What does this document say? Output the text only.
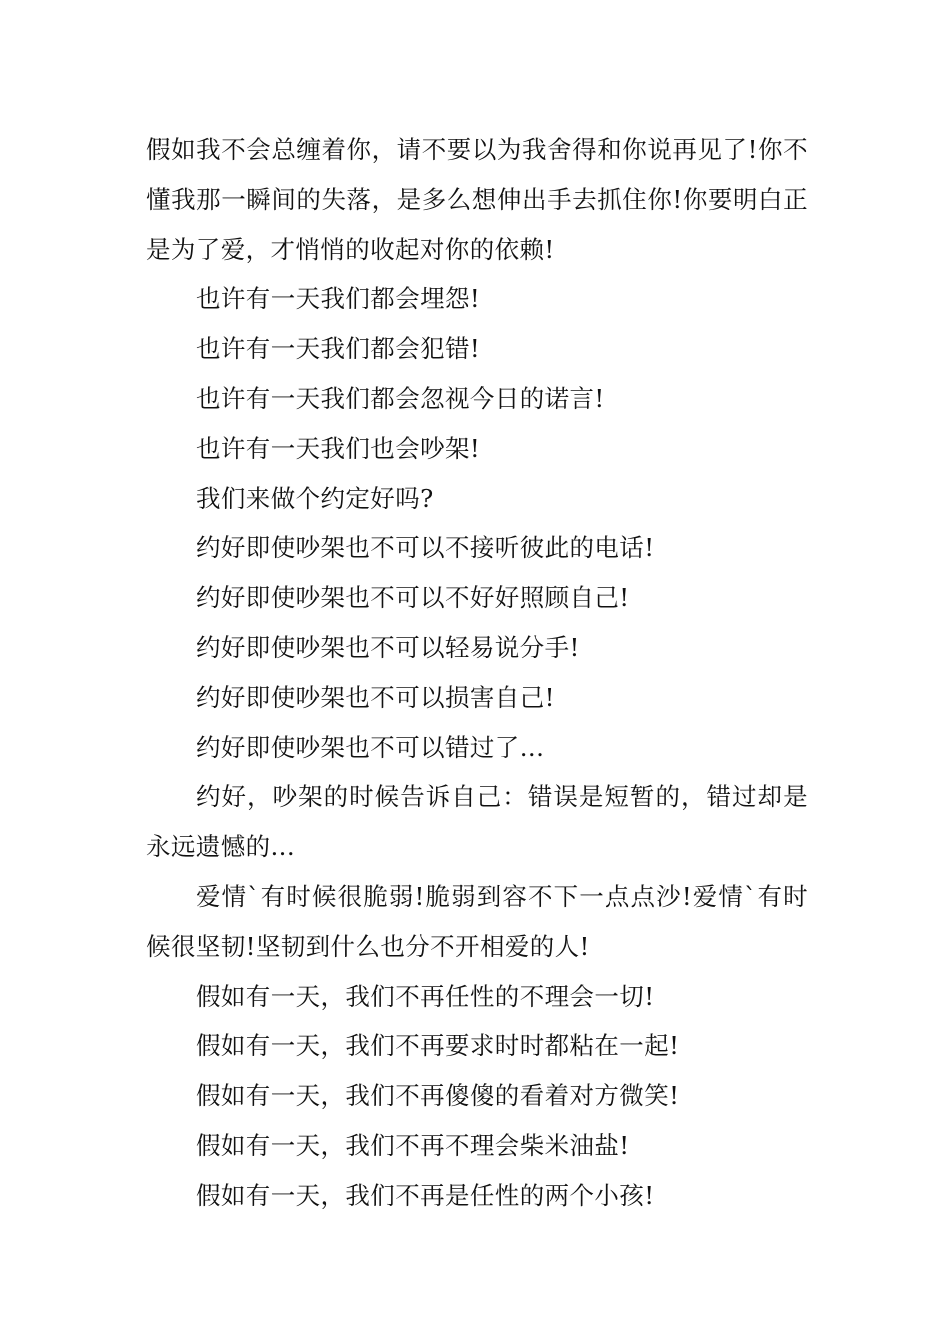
假如我不会总缠着你，请不要以为我舍得和你说再见了!你不懂我那一瞬间的失落，是多么想伸出手去抓住你!你要明白正是为了爱，才悄悄的收起对你的依赖!

也许有一天我们都会埋怨!

也许有一天我们都会犯错!

也许有一天我们都会忽视今日的诺言!

也许有一天我们也会吵架!

我们来做个约定好吗?

约好即使吵架也不可以不接听彼此的电话!

约好即使吵架也不可以不好好照顾自己!

约好即使吵架也不可以轻易说分手!

约好即使吵架也不可以损害自己!

约好即使吵架也不可以错过了...

约好，吵架的时候告诉自己：错误是短暂的，错过却是永远遗憾的...

爱情`有时候很脆弱!脆弱到容不下一点点沙!爱情`有时候很坚韧!坚韧到什么也分不开相爱的人!

假如有一天，我们不再任性的不理会一切!

假如有一天，我们不再要求时时都粘在一起!

假如有一天，我们不再傻傻的看着对方微笑!

假如有一天，我们不再不理会柴米油盐!

假如有一天，我们不再是任性的两个小孩!
